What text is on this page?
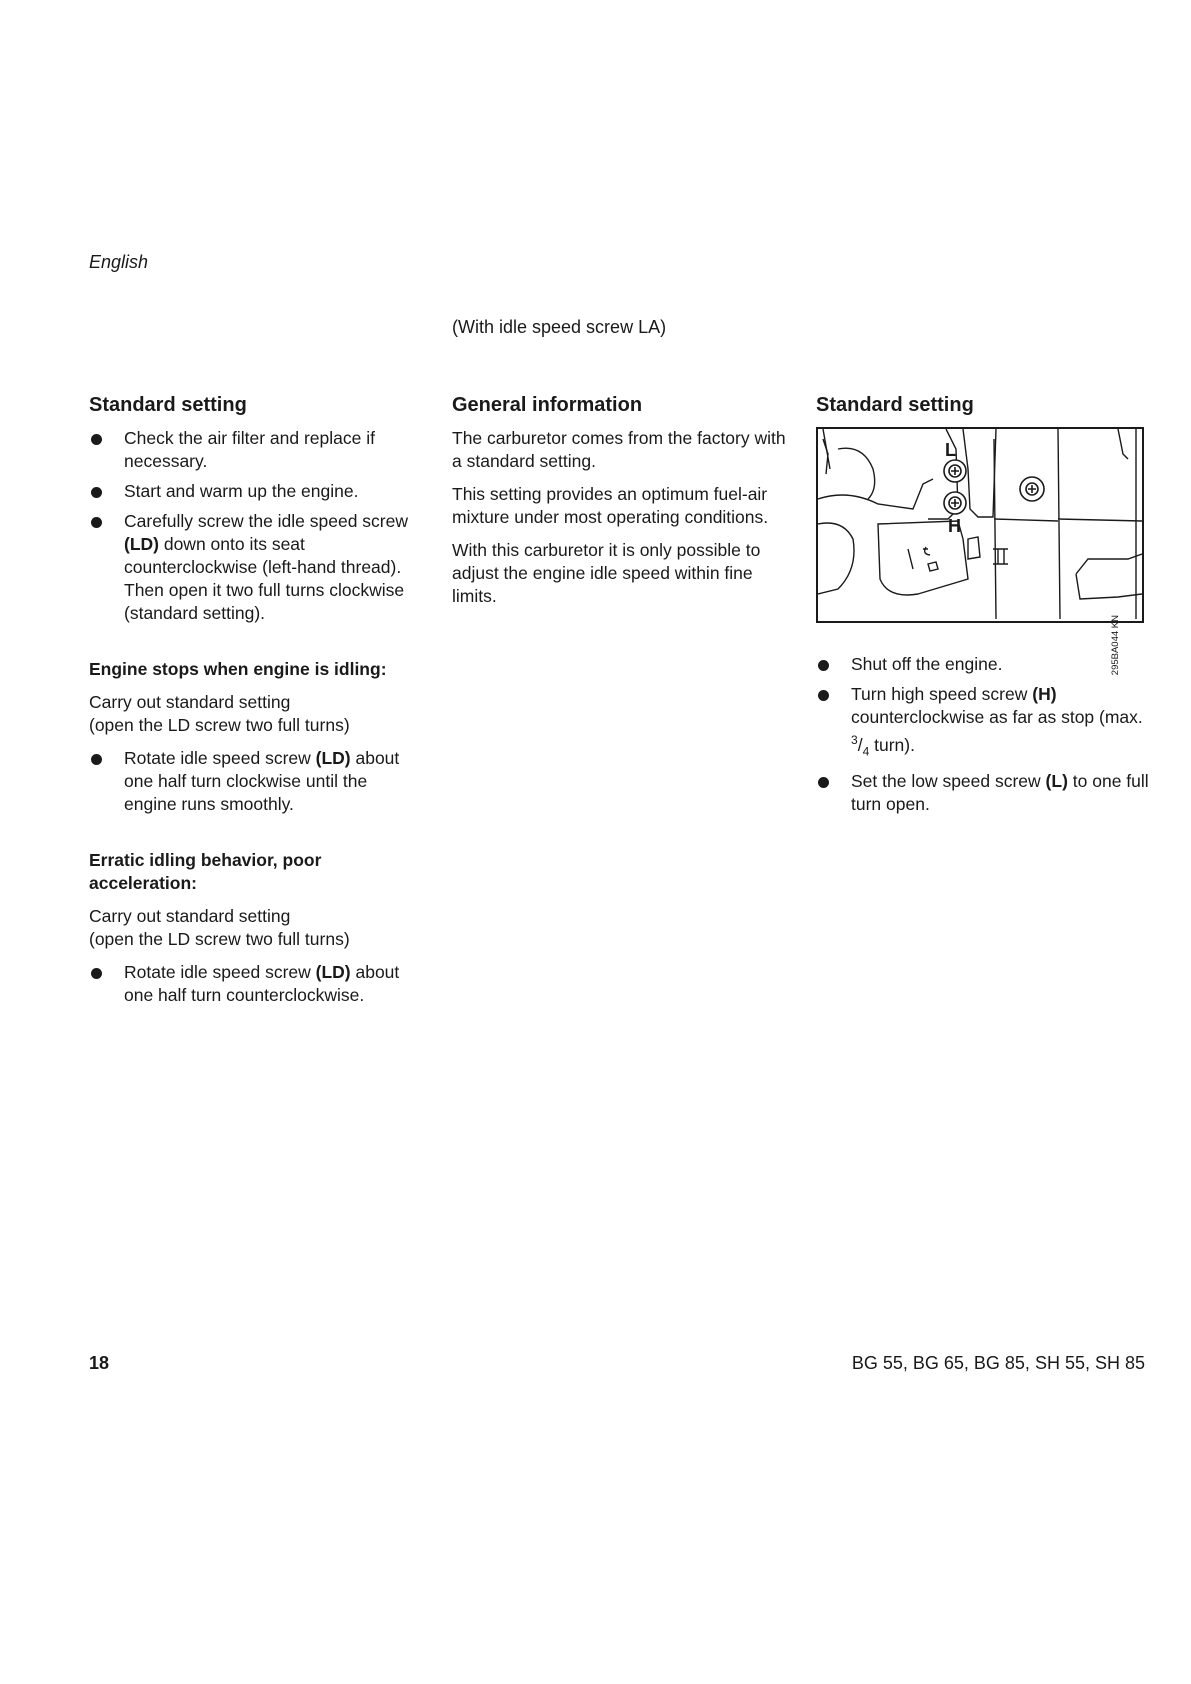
English
(With idle speed screw LA)
Standard setting
Check the air filter and replace if necessary.
Start and warm up the engine.
Carefully screw the idle speed screw (LD) down onto its seat counterclockwise (left-hand thread). Then open it two full turns clockwise (standard setting).
Engine stops when engine is idling:

Carry out standard setting
(open the LD screw two full turns)

Rotate idle speed screw (LD) about one half turn clockwise until the engine runs smoothly.
Erratic idling behavior, poor acceleration:

Carry out standard setting
(open the LD screw two full turns)

Rotate idle speed screw (LD) about one half turn counterclockwise.
General information

The carburetor comes from the factory with a standard setting.

This setting provides an optimum fuel-air mixture under most operating conditions.

With this carburetor it is only possible to adjust the engine idle speed within fine limits.

Standard setting
L
H
295BA044 KN
Shut off the engine.
Turn high speed screw (H) counterclockwise as far as stop (max. $^3/_4$ turn).
Set the low speed screw (L) to one full turn open.
18	BG 55, BG 65, BG 85, SH 55, SH 85
